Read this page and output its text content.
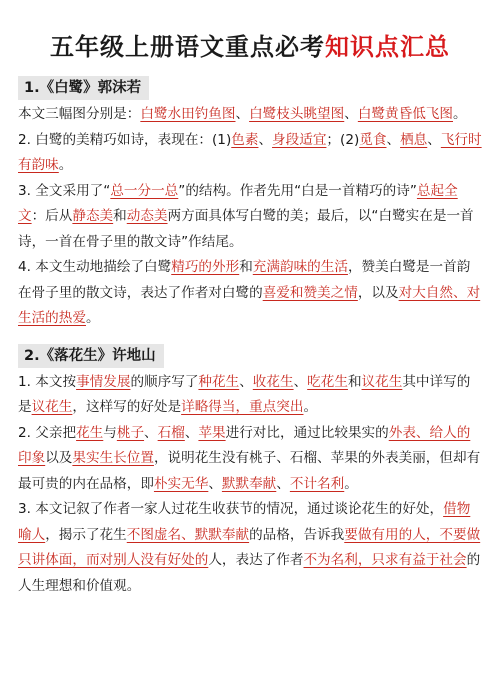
五年级上册语文重点必考知识点汇总
1.《白鹭》郭沫若

本文三幅图分别是：白鹭水田钓鱼图、白鹭枝头眺望图、白鹭黄昏低飞图。

2. 白鹭的美精巧如诗，表现在：(1)色素、身段适宜；(2)觅食、栖息、飞行时有韵味。

3. 全文采用了“总一分一总”的结构。作者先用“白是一首精巧的诗”总起全文：后从静态美和动态美两方面具体写白鹭的美；最后，以“白鹭实在是一首诗，一首在骨子里的散文诗”作结尾。

4. 本文生动地描绘了白鹭精巧的外形和充满韵味的生活，赞美白鹭是一首韵在骨子里的散文诗，表达了作者对白鹭的喜爱和赞美之情，以及对大自然、对生活的热爱。

2.《落花生》许地山

1. 本文按事情发展的顺序写了种花生、收花生、吃花生和议花生其中详写的是议花生，这样写的好处是详略得当，重点突出。

2. 父亲把花生与桃子、石榴、苹果进行对比，通过比较果实的外表、给人的印象以及果实生长位置，说明花生没有桃子、石榴、苹果的外表美丽，但却有最可贵的内在品格，即朴实无华、默默奉献、不计名利。

3. 本文记叙了作者一家人过花生收获节的情况，通过谈论花生的好处，借物喻人，揭示了花生不图虚名、默默奉献的品格，告诉我要做有用的人，不要做只讲体面，而对别人没有好处的人，表达了作者不为名利，只求有益于社会的人生理想和价值观。
